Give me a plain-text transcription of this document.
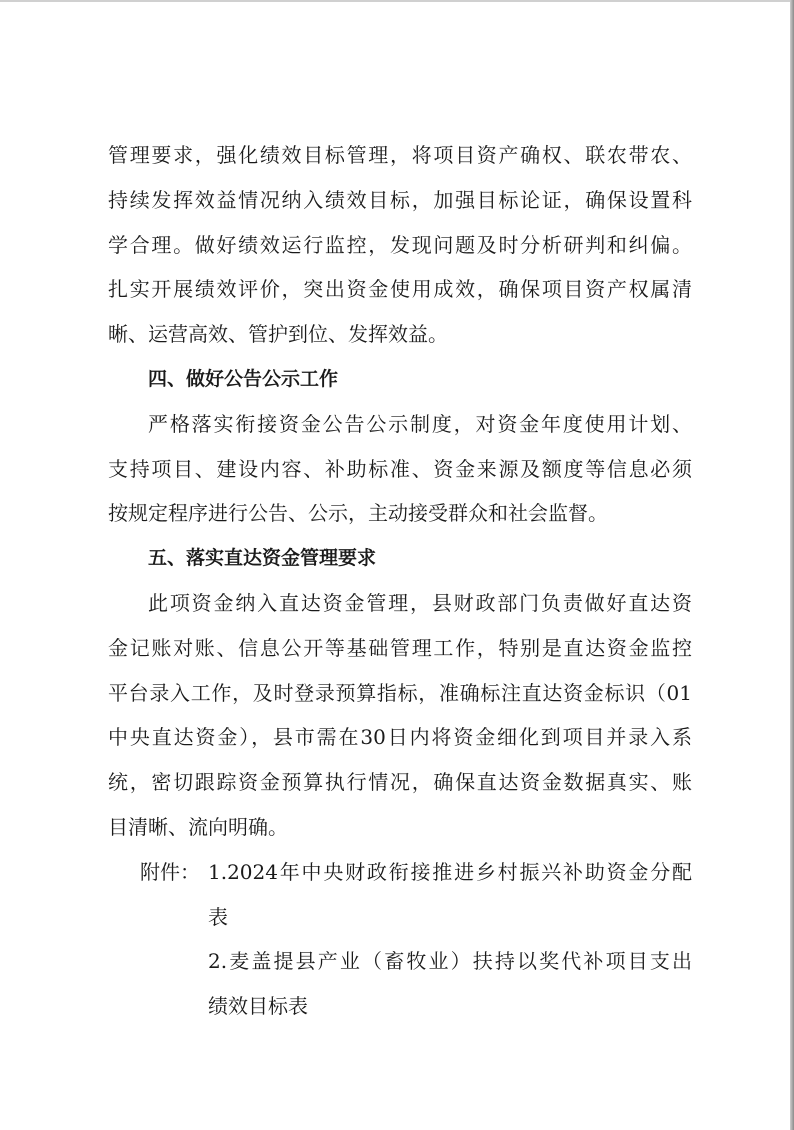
管理要求，强化绩效目标管理，将项目资产确权、联农带农、
持续发挥效益情况纳入绩效目标，加强目标论证，确保设置科
学合理。做好绩效运行监控，发现问题及时分析研判和纠偏。
扎实开展绩效评价，突出资金使用成效，确保项目资产权属清
晰、运营高效、管护到位、发挥效益。
四、做好公告公示工作
严格落实衔接资金公告公示制度，对资金年度使用计划、
支持项目、建设内容、补助标准、资金来源及额度等信息必须
按规定程序进行公告、公示，主动接受群众和社会监督。
五、落实直达资金管理要求
此项资金纳入直达资金管理，县财政部门负责做好直达资
金记账对账、信息公开等基础管理工作，特别是直达资金监控
平台录入工作，及时登录预算指标，准确标注直达资金标识（01
中央直达资金），县市需在30日内将资金细化到项目并录入系
统，密切跟踪资金预算执行情况，确保直达资金数据真实、账
目清晰、流向明确。
附件： 1.2024年中央财政衔接推进乡村振兴补助资金分配
表
2.麦盖提县产业（畜牧业）扶持以奖代补项目支出
绩效目标表
